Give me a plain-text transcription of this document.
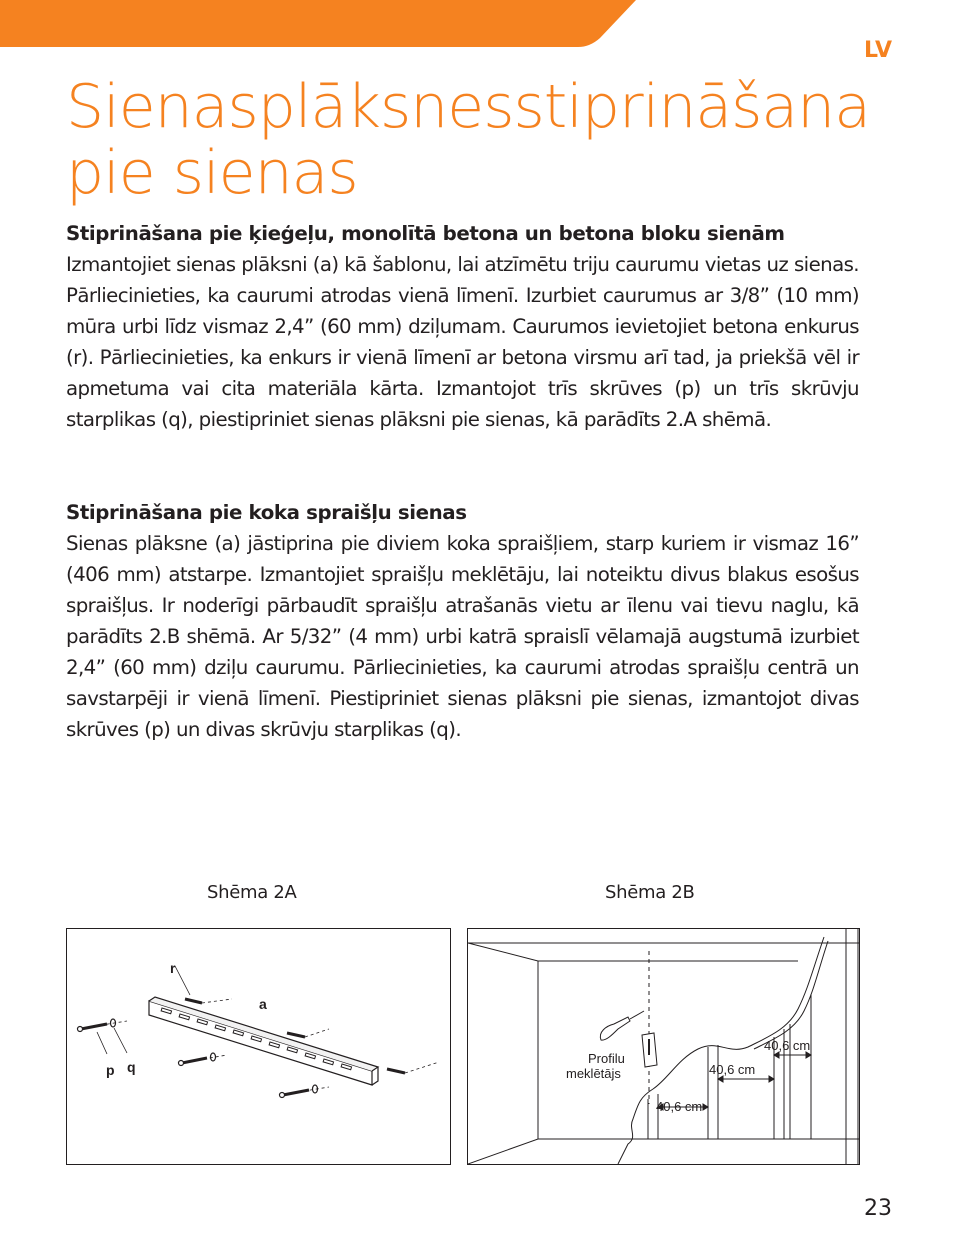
LV
Sienas plāksnes stiprināšana
pie sienas
Stiprināšana pie ķieģeļu, monolītā betona un betona bloku sienām

Izmantojiet sienas plāksni (a) kā šablonu, lai atzīmētu triju caurumu vietas uz sienas. Pārliecinieties, ka caurumi atrodas vienā līmenī. Izurbiet caurumus ar 3/8” (10 mm) mūra urbi līdz vismaz 2,4” (60 mm) dziļumam. Caurumos ievietojiet betona enkurus (r). Pārliecinieties, ka enkurs ir vienā līmenī ar betona virsmu arī tad, ja priekšā vēl ir apmetuma vai cita materiāla kārta. Izmantojot trīs skrūves (p) un trīs skrūvju starplikas (q), piestipriniet sienas plāksni pie sienas, kā parādīts 2.A shēmā.

Stiprināšana pie koka spraišļu sienas

Sienas plāksne (a) jāstiprina pie diviem koka spraišļiem, starp kuriem ir vismaz 16” (406 mm) atstarpe. Izmantojiet spraišļu meklētāju, lai noteiktu divus blakus esošus spraišļus. Ir noderīgi pārbaudīt spraišļu atrašanās vietu ar īlenu vai tievu naglu, kā parādīts 2.B shēmā. Ar 5/32” (4 mm) urbi katrā spraislī vēlamajā augstumā izurbiet 2,4” (60 mm) dziļu caurumu. Pārliecinieties, ka caurumi atrodas spraišļu centrā un savstarpēji ir vienā līmenī. Piestipriniet sienas plāksni pie sienas, izmantojot divas skrūves (p) un divas skrūvju starplikas (q).

Shēma 2A	Shēma 2B
r
a
p q
Profilu
meklētājs
40,6 cm
40,6 cm
40,6 cm
23
